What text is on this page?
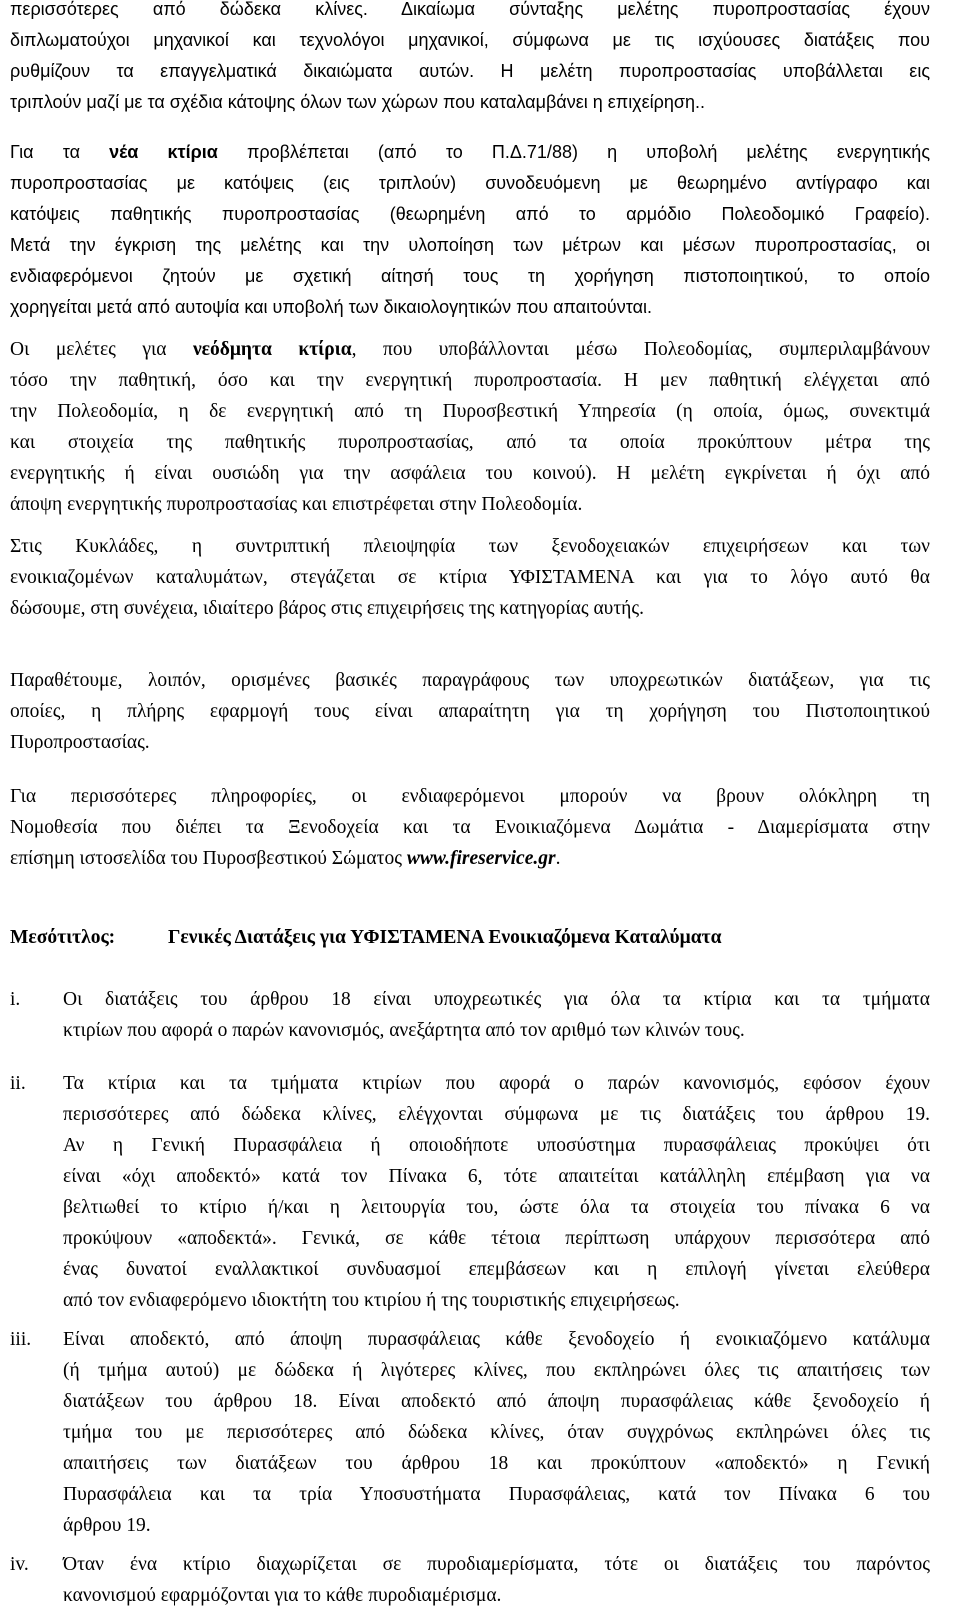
περισσότερες από δώδεκα κλίνες. Δικαίωμα σύνταξης μελέτης πυροπροστασίας έχουν
διπλωματούχοι μηχανικοί και τεχνολόγοι μηχανικοί, σύμφωνα με τις ισχύουσες διατάξεις που
ρυθμίζουν τα επαγγελματικά δικαιώματα αυτών. Η μελέτη πυροπροστασίας υποβάλλεται εις
τριπλούν μαζί με τα σχέδια κάτοψης όλων των χώρων που καταλαμβάνει η επιχείρηση..
Για τα νέα κτίρια προβλέπεται (από το Π.Δ.71/88) η υποβολή μελέτης ενεργητικής
πυροπροστασίας με κατόψεις (εις τριπλούν) συνοδευόμενη με θεωρημένο αντίγραφο και
κατόψεις παθητικής πυροπροστασίας (θεωρημένη από το αρμόδιο Πολεοδομικό Γραφείο).
Μετά την έγκριση της μελέτης και την υλοποίηση των μέτρων και μέσων πυροπροστασίας, οι
ενδιαφερόμενοι ζητούν με σχετική αίτησή τους τη χορήγηση πιστοποιητικού, το οποίο
χορηγείται μετά από αυτοψία και υποβολή των δικαιολογητικών που απαιτούνται.
Οι μελέτες για νεόδμητα κτίρια, που υποβάλλονται μέσω Πολεοδομίας, συμπεριλαμβάνουν
τόσο την παθητική, όσο και την ενεργητική πυροπροστασία. Η μεν παθητική ελέγχεται από
την Πολεοδομία, η δε ενεργητική από τη Πυροσβεστική Υπηρεσία (η οποία, όμως, συνεκτιμά
και στοιχεία της παθητικής πυροπροστασίας, από τα οποία προκύπτουν μέτρα της
ενεργητικής ή είναι ουσιώδη για την ασφάλεια του κοινού). Η μελέτη εγκρίνεται ή όχι από
άποψη ενεργητικής πυροπροστασίας και επιστρέφεται στην Πολεοδομία.
Στις Κυκλάδες, η συντριπτική πλειοψηφία των ξενοδοχειακών επιχειρήσεων και των
ενοικιαζομένων καταλυμάτων, στεγάζεται σε κτίρια ΥΦΙΣΤΑΜΕΝΑ και για το λόγο αυτό θα
δώσουμε, στη συνέχεια, ιδιαίτερο βάρος στις επιχειρήσεις της κατηγορίας αυτής.
Παραθέτουμε, λοιπόν, ορισμένες βασικές παραγράφους των υποχρεωτικών διατάξεων, για τις
οποίες, η πλήρης εφαρμογή τους είναι απαραίτητη για τη χορήγηση του Πιστοποιητικού
Πυροπροστασίας.
Για περισσότερες πληροφορίες, οι ενδιαφερόμενοι μπορούν να βρουν ολόκληρη τη
Νομοθεσία που διέπει τα Ξενοδοχεία και τα Ενοικιαζόμενα Δωμάτια - Διαμερίσματα στην
επίσημη ιστοσελίδα του Πυροσβεστικού Σώματος www.fireservice.gr.
Μεσότιτλος:	Γενικές Διατάξεις για ΥΦΙΣΤΑΜΕΝΑ Ενοικιαζόμενα Καταλύματα
i. Οι διατάξεις του άρθρου 18 είναι υποχρεωτικές για όλα τα κτίρια και τα τμήματα
κτιρίων που αφορά ο παρών κανονισμός, ανεξάρτητα από τον αριθμό των κλινών τους.
ii. Τα κτίρια και τα τμήματα κτιρίων που αφορά ο παρών κανονισμός, εφόσον έχουν
περισσότερες από δώδεκα κλίνες, ελέγχονται σύμφωνα με τις διατάξεις του άρθρου 19.
Αν η Γενική Πυρασφάλεια ή οποιοδήποτε υποσύστημα πυρασφάλειας προκύψει ότι
είναι «όχι αποδεκτό» κατά τον Πίνακα 6, τότε απαιτείται κατάλληλη επέμβαση για να
βελτιωθεί το κτίριο ή/και η λειτουργία του, ώστε όλα τα στοιχεία του πίνακα 6 να
προκύψουν «αποδεκτά». Γενικά, σε κάθε τέτοια περίπτωση υπάρχουν περισσότερα από
ένας δυνατοί εναλλακτικοί συνδυασμοί επεμβάσεων και η επιλογή γίνεται ελεύθερα
από τον ενδιαφερόμενο ιδιοκτήτη του κτιρίου ή της τουριστικής επιχειρήσεως.
iii. Είναι αποδεκτό, από άποψη πυρασφάλειας κάθε ξενοδοχείο ή ενοικιαζόμενο κατάλυμα
(ή τμήμα αυτού) με δώδεκα ή λιγότερες κλίνες, που εκπληρώνει όλες τις απαιτήσεις των
διατάξεων του άρθρου 18. Είναι αποδεκτό από άποψη πυρασφάλειας κάθε ξενοδοχείο ή
τμήμα του με περισσότερες από δώδεκα κλίνες, όταν συγχρόνως εκπληρώνει όλες τις
απαιτήσεις των διατάξεων του άρθρου 18 και προκύπτουν «αποδεκτό» η Γενική
Πυρασφάλεια και τα τρία Υποσυστήματα Πυρασφάλειας, κατά τον Πίνακα 6 του
άρθρου 19.
iv. Όταν ένα κτίριο διαχωρίζεται σε πυροδιαμερίσματα, τότε οι διατάξεις του παρόντος
κανονισμού εφαρμόζονται για το κάθε πυροδιαμέρισμα.
